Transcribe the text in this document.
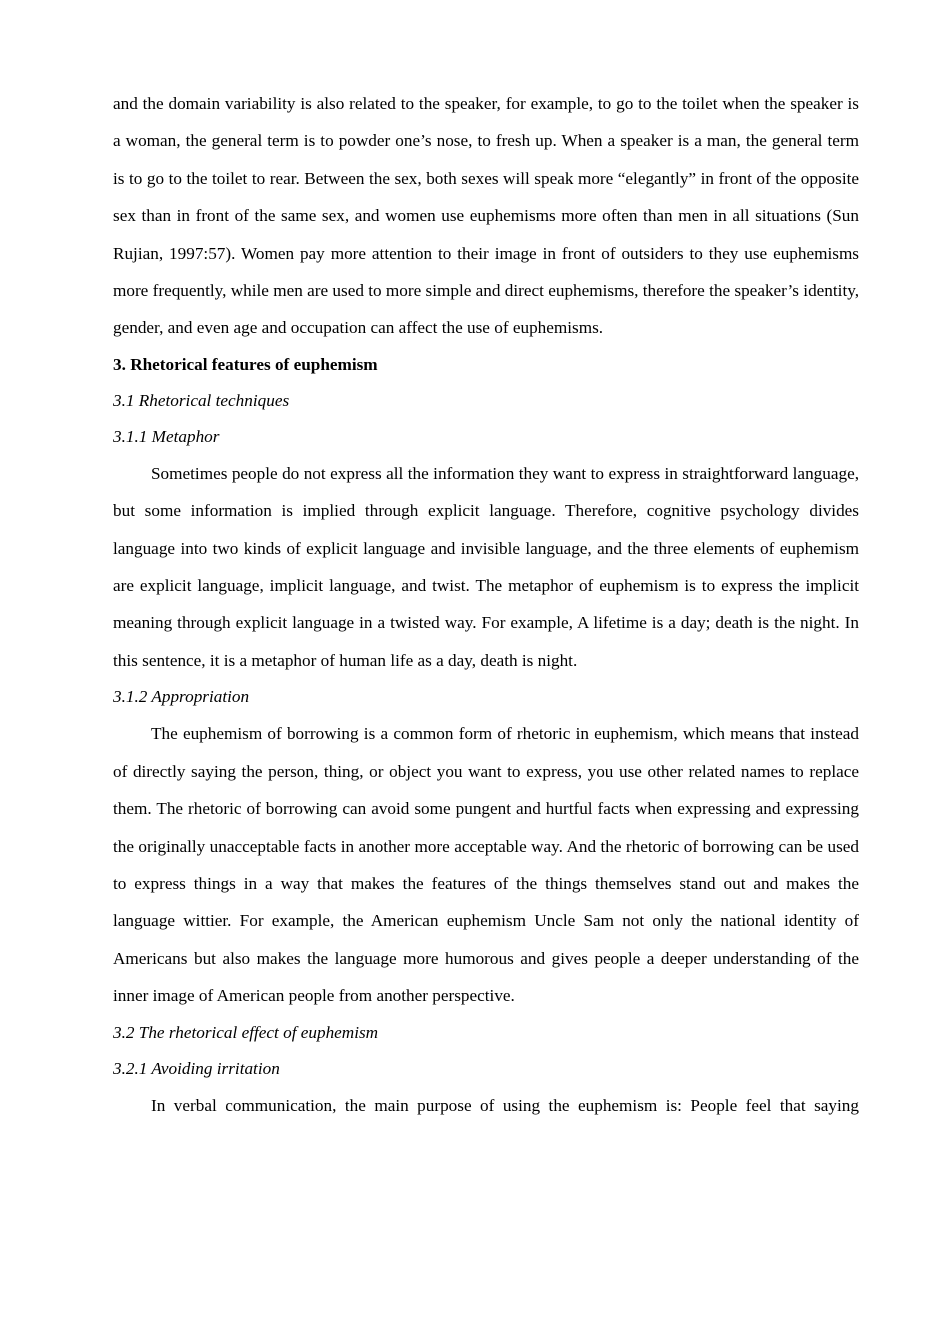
and the domain variability is also related to the speaker, for example, to go to the toilet when the speaker is a woman, the general term is to powder one’s nose, to fresh up. When a speaker is a man, the general term is to go to the toilet to rear. Between the sex, both sexes will speak more “elegantly” in front of the opposite sex than in front of the same sex, and women use euphemisms more often than men in all situations (Sun Rujian, 1997:57). Women pay more attention to their image in front of outsiders to they use euphemisms more frequently, while men are used to more simple and direct euphemisms, therefore the speaker’s identity, gender, and even age and occupation can affect the use of euphemisms.

3. Rhetorical features of euphemism
3.1 Rhetorical techniques
3.1.1 Metaphor

Sometimes people do not express all the information they want to express in straightforward language, but some information is implied through explicit language. Therefore, cognitive psychology divides language into two kinds of explicit language and invisible language, and the three elements of euphemism are explicit language, implicit language, and twist. The metaphor of euphemism is to express the implicit meaning through explicit language in a twisted way. For example, A lifetime is a day; death is the night. In this sentence, it is a metaphor of human life as a day, death is night.

3.1.2 Appropriation

The euphemism of borrowing is a common form of rhetoric in euphemism, which means that instead of directly saying the person, thing, or object you want to express, you use other related names to replace them. The rhetoric of borrowing can avoid some pungent and hurtful facts when expressing and expressing the originally unacceptable facts in another more acceptable way. And the rhetoric of borrowing can be used to express things in a way that makes the features of the things themselves stand out and makes the language wittier. For example, the American euphemism Uncle Sam not only the national identity of Americans but also makes the language more humorous and gives people a deeper understanding of the inner image of American people from another perspective.

3.2 The rhetorical effect of euphemism
3.2.1 Avoiding irritation

In verbal communication, the main purpose of using the euphemism is: People feel that saying
